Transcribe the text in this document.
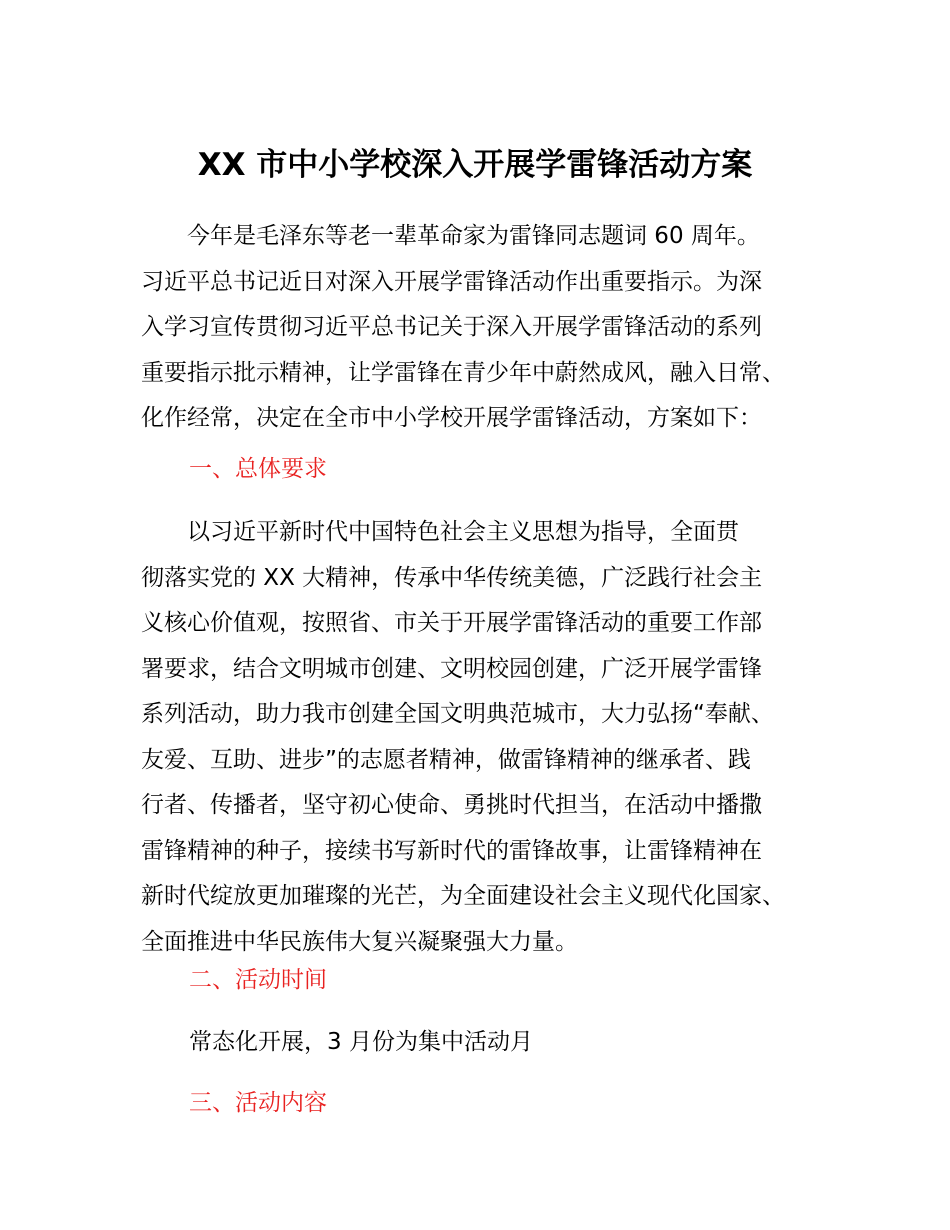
XX 市中小学校深入开展学雷锋活动方案
　　今年是毛泽东等老一辈革命家为雷锋同志题词 60 周年。
习近平总书记近日对深入开展学雷锋活动作出重要指示。为深
入学习宣传贯彻习近平总书记关于深入开展学雷锋活动的系列
重要指示批示精神，让学雷锋在青少年中蔚然成风，融入日常、
化作经常，决定在全市中小学校开展学雷锋活动，方案如下：
一、总体要求
　　以习近平新时代中国特色社会主义思想为指导，全面贯
彻落实党的 XX 大精神，传承中华传统美德，广泛践行社会主
义核心价值观，按照省、市关于开展学雷锋活动的重要工作部
署要求，结合文明城市创建、文明校园创建，广泛开展学雷锋
系列活动，助力我市创建全国文明典范城市，大力弘扬“奉献、
友爱、互助、进步”的志愿者精神，做雷锋精神的继承者、践
行者、传播者，坚守初心使命、勇挑时代担当，在活动中播撒
雷锋精神的种子，接续书写新时代的雷锋故事，让雷锋精神在
新时代绽放更加璀璨的光芒，为全面建设社会主义现代化国家、
全面推进中华民族伟大复兴凝聚强大力量。
二、活动时间
常态化开展，3 月份为集中活动月
三、活动内容
